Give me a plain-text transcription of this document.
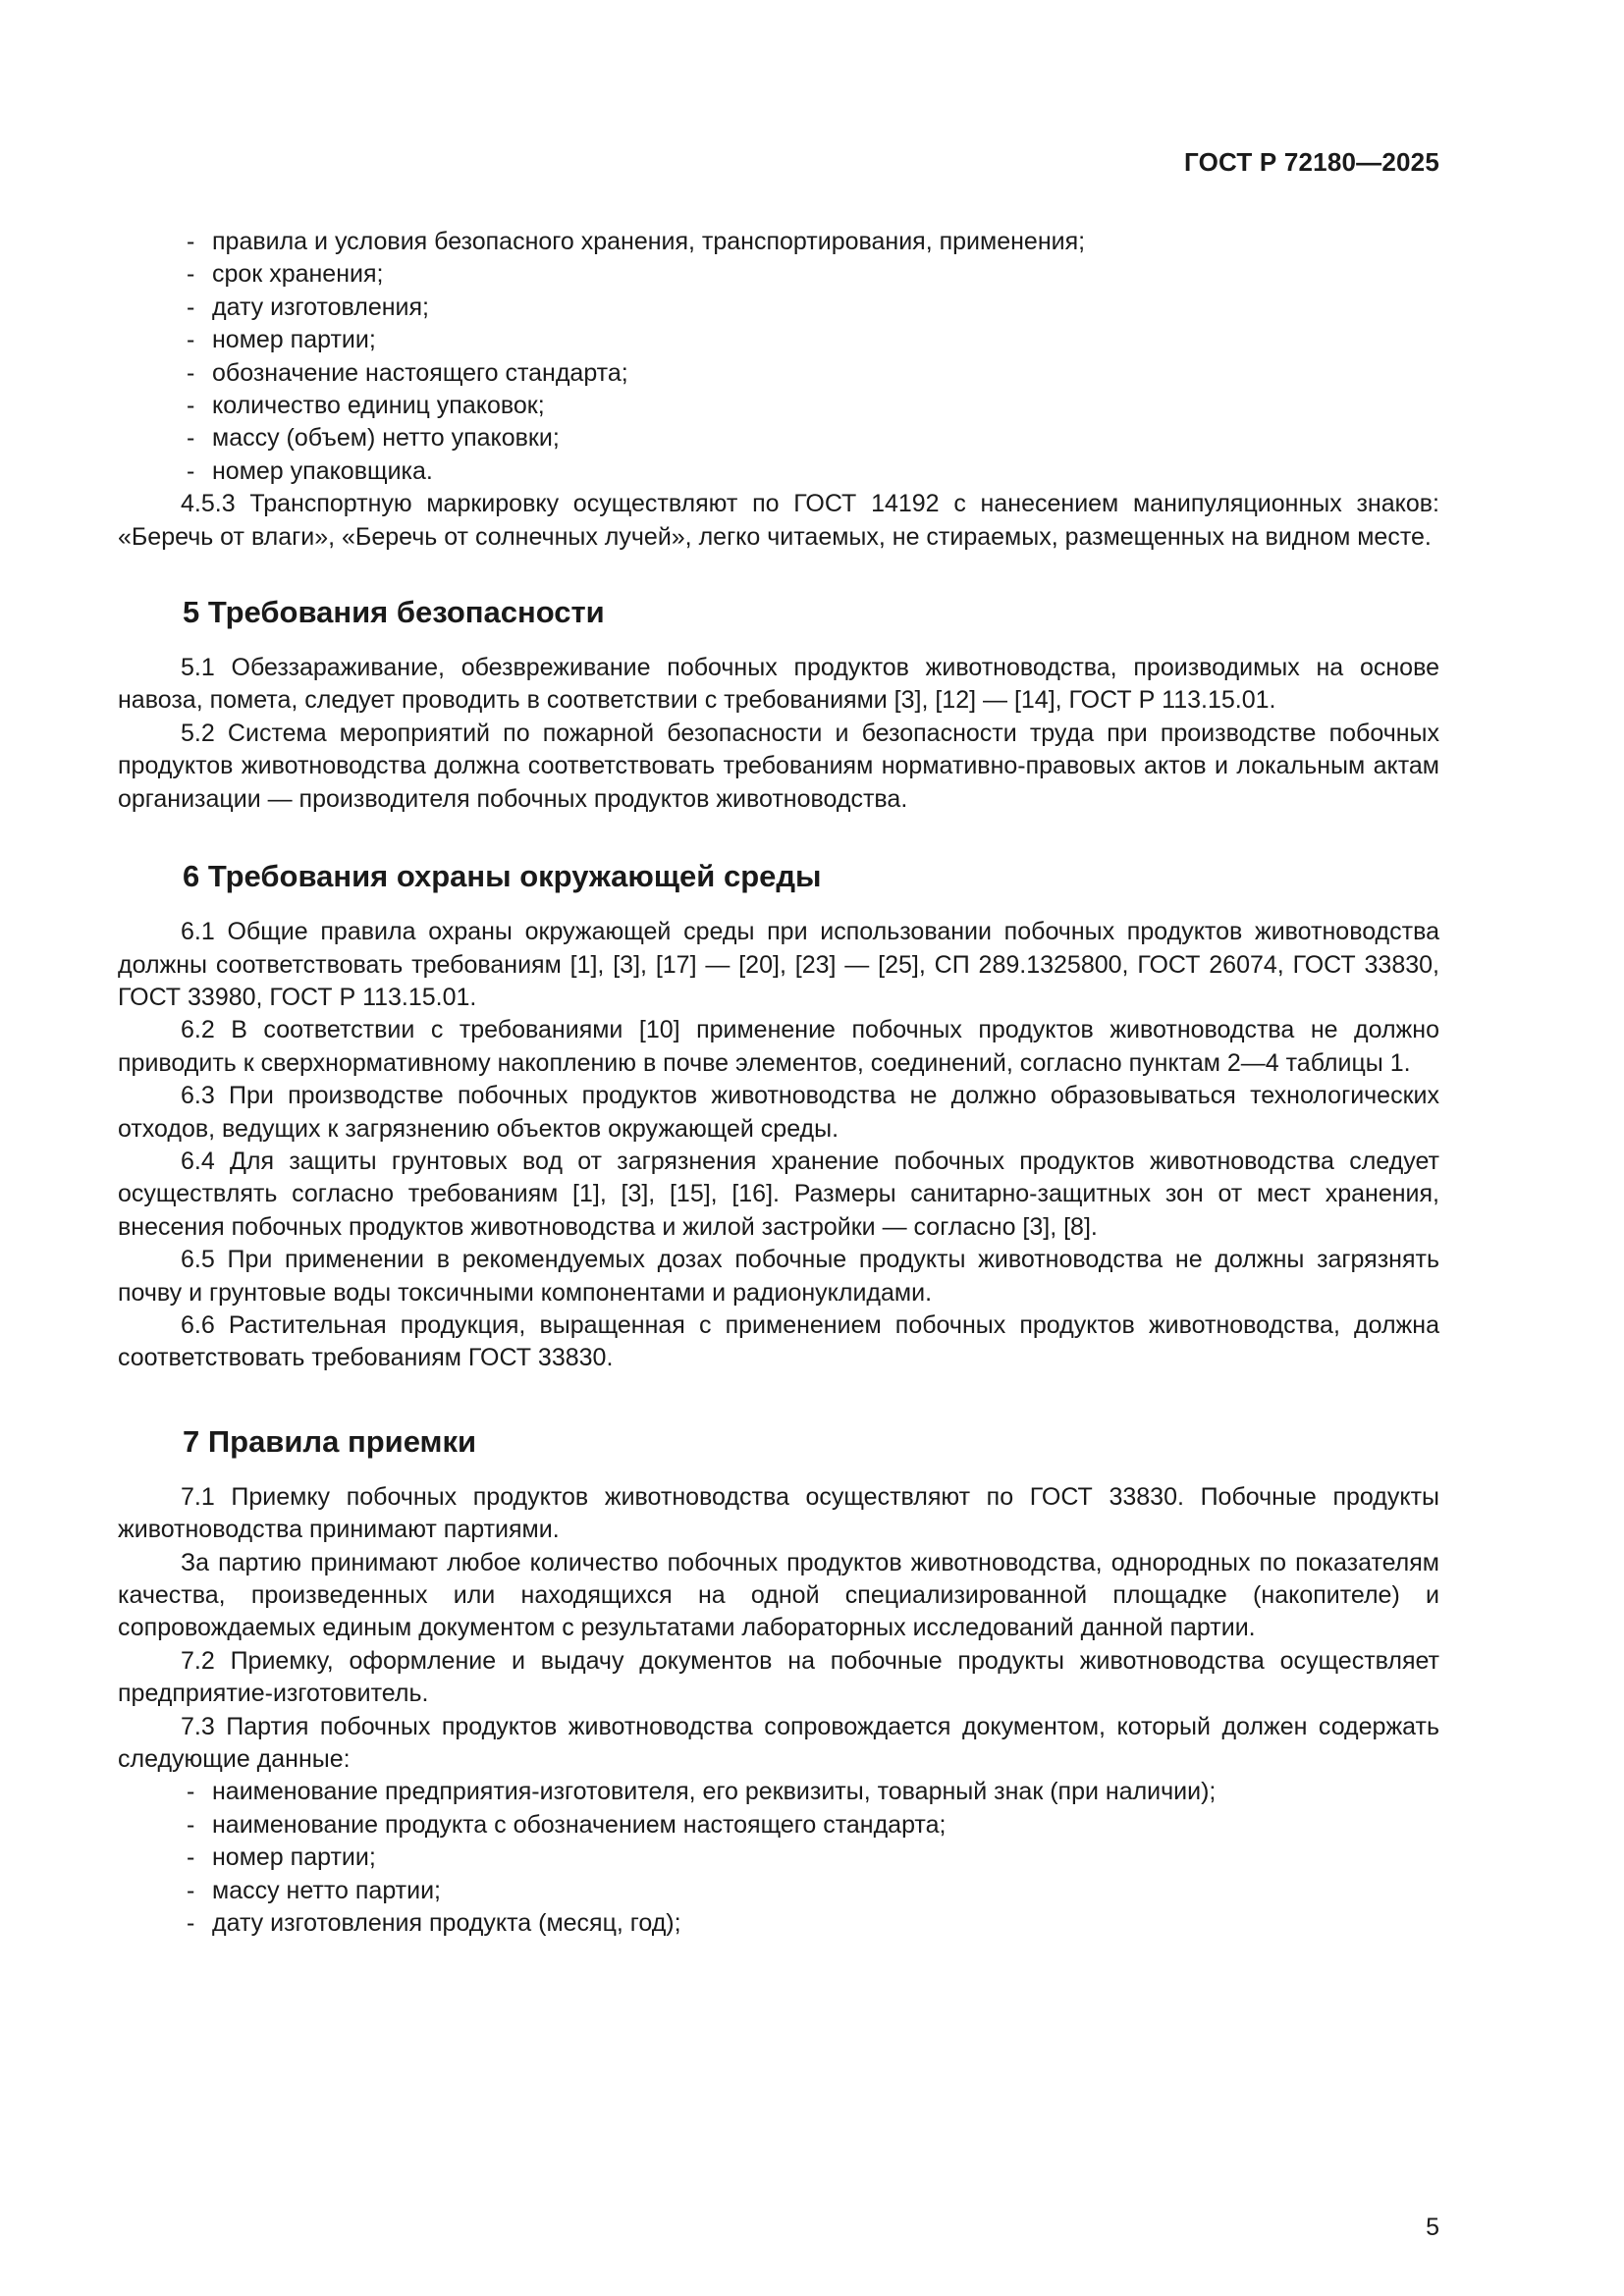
ГОСТ Р 72180—2025

- правила и условия безопасного хранения, транспортирования, применения;

- срок хранения;

- дату изготовления;

- номер партии;

- обозначение настоящего стандарта;

- количество единиц упаковок;

- массу (объем) нетто упаковки;

- номер упаковщика.

4.5.3 Транспортную маркировку осуществляют по ГОСТ 14192 с нанесением манипуляционных знаков: «Беречь от влаги», «Беречь от солнечных лучей», легко читаемых, не стираемых, размещенных на видном месте.

5 Требования безопасности

5.1 Обеззараживание, обезвреживание побочных продуктов животноводства, производимых на основе навоза, помета, следует проводить в соответствии с требованиями [3], [12] — [14], ГОСТ Р 113.15.01.

5.2 Система мероприятий по пожарной безопасности и безопасности труда при производстве побочных продуктов животноводства должна соответствовать требованиям нормативно-правовых актов и локальным актам организации — производителя побочных продуктов животноводства.

6 Требования охраны окружающей среды

6.1 Общие правила охраны окружающей среды при использовании побочных продуктов животноводства должны соответствовать требованиям [1], [3], [17] — [20], [23] — [25], СП 289.1325800, ГОСТ 26074, ГОСТ 33830, ГОСТ 33980, ГОСТ Р 113.15.01.

6.2 В соответствии с требованиями [10] применение побочных продуктов животноводства не должно приводить к сверхнормативному накоплению в почве элементов, соединений, согласно пунктам 2—4 таблицы 1.

6.3 При производстве побочных продуктов животноводства не должно образовываться технологических отходов, ведущих к загрязнению объектов окружающей среды.

6.4 Для защиты грунтовых вод от загрязнения хранение побочных продуктов животноводства следует осуществлять согласно требованиям [1], [3], [15], [16]. Размеры санитарно-защитных зон от мест хранения, внесения побочных продуктов животноводства и жилой застройки — согласно [3], [8].

6.5 При применении в рекомендуемых дозах побочные продукты животноводства не должны загрязнять почву и грунтовые воды токсичными компонентами и радионуклидами.

6.6 Растительная продукция, выращенная с применением побочных продуктов животноводства, должна соответствовать требованиям ГОСТ 33830.

7 Правила приемки

7.1 Приемку побочных продуктов животноводства осуществляют по ГОСТ 33830. Побочные продукты животноводства принимают партиями.

За партию принимают любое количество побочных продуктов животноводства, однородных по показателям качества, произведенных или находящихся на одной специализированной площадке (накопителе) и сопровождаемых единым документом с результатами лабораторных исследований данной партии.

7.2 Приемку, оформление и выдачу документов на побочные продукты животноводства осуществляет предприятие-изготовитель.

7.3 Партия побочных продуктов животноводства сопровождается документом, который должен содержать следующие данные:

- наименование предприятия-изготовителя, его реквизиты, товарный знак (при наличии);

- наименование продукта с обозначением настоящего стандарта;

- номер партии;

- массу нетто партии;

- дату изготовления продукта (месяц, год);

5
